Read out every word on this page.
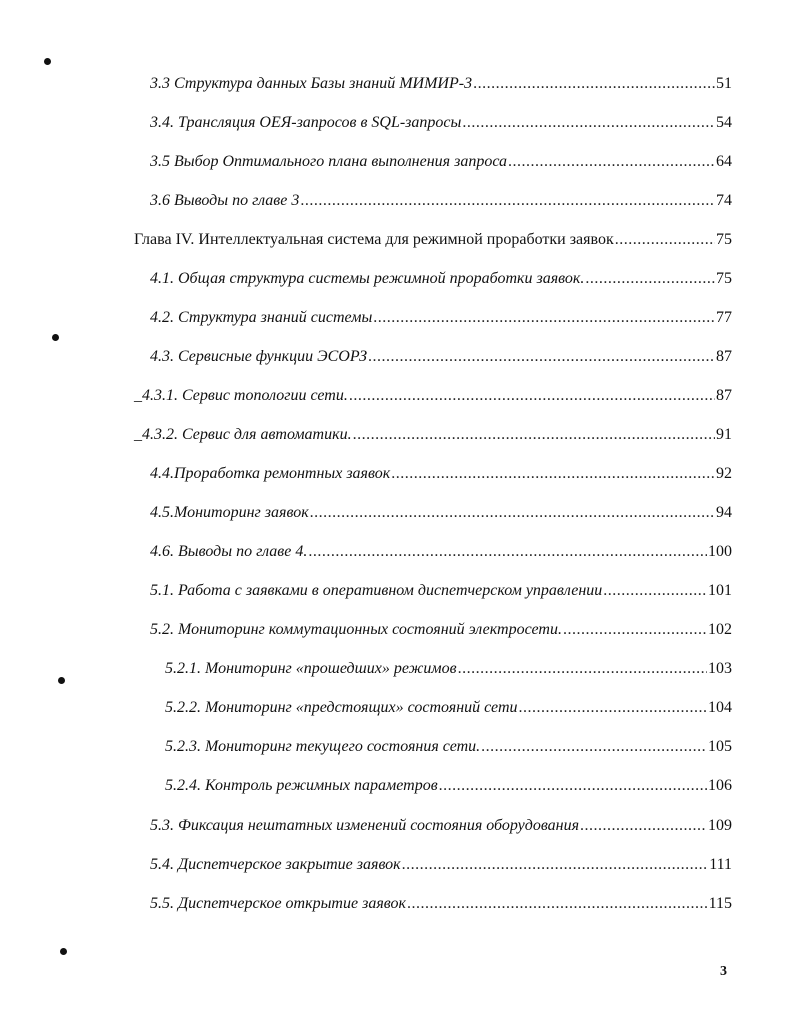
3.3 Структура данных Базы знаний МИМИР-3 .....	51
3.4. Трансляция ОЕЯ-запросов в SQL-запросы .....	54
3.5 Выбор Оптимального плана выполнения запроса .....	64
3.6 Выводы по главе 3 .....	74
Глава IV. Интеллектуальная система для режимной проработки заявок .....	75
4.1. Общая структура системы режимной проработки заявок. .....	75
4.2. Структура знаний системы .....	77
4.3. Сервисные функции ЭСОРЗ .....	87
_4.3.1. Сервис топологии сети. .....	87
_4.3.2. Сервис для автоматики. .....	91
4.4.Проработка ремонтных заявок .....	92
4.5.Мониторинг заявок .....	94
4.6. Выводы по главе 4. .....	100
5.1. Работа с заявками в оперативном диспетчерском управлении .....	101
5.2. Мониторинг коммутационных состояний электросети. .....	102
5.2.1. Мониторинг «прошедших» режимов .....	103
5.2.2. Мониторинг «предстоящих» состояний сети .....	104
5.2.3. Мониторинг текущего состояния сети. .....	105
5.2.4. Контроль режимных параметров .....	106
5.3. Фиксация нештатных изменений состояния оборудования .....	109
5.4. Диспетчерское закрытие заявок .....	111
5.5. Диспетчерское открытие заявок .....	115
3
